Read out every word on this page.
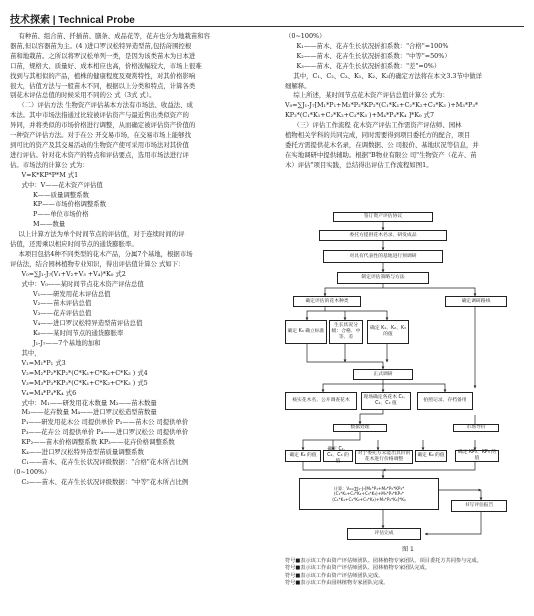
技术探索 | Technical Probe

有种苗、组合苗、扦插苗、膳条、成品花等，花卉也分为地栽苗和容

器苗,但以容器苗为主。(4 )进口罗汉松特异造型苗,包括莳围控根

苗和地栽苗。之所以将罗汉松单列一类，是因为该类苗木为日本进

口苗，规格大、质量好、成本相应也高，价格波幅较大，市场上很难

找到与其相似的产品，植株的健康程度及观赏特性，对其价格影响

很大，估值方法与一般苗木不同，根据以上分类和特点，计算各类

别花木评估总值的时候采用不同的公 式（3式 式）。

（二）评估方法 生物资产评估基本方法有市场法、收益法、成

本法。其中市场法指通过比较被评估资产与最近售出类似资产的

异同，并将类似的市场价格进行调整，从而确定被评估资产价值的

一种资产评估方法。对于在公 开交易市场，在交易市场上能够找

到可比的资产及其交易活动的生物资产使可采用市场法对其价值

进行评估。针对花木资产的特点和评估要点，选用市场法进行评

估。市场法的计算公 式为：

V=K*KP*P*M 式1

式中：V——花木资产评估值

K——质量调整系数

KP——市场价格调整系数

P——单位市场价格

M——数量

以上计算方法为单个时间节点的评估值，对于连续时间的评

估值，还需乘以相应时间节点的通货膨胀率。

本项目包括4种不同类型的花木产品，分属7个基地，根据市场

评估法，结合园林植物专业知识，得出评估值计算公 式如下：

V₀=∑J₁-J₇(V₁+V₂+V₃ +V₄)*K₀ 式2

式中：V₀——某时间节点花木资产评估总值

V₁——研发用花木评估总值

V₂——苗木评估总值

V₃——花卉评估总值

V₄——进口罗汉松特异造型苗评估总值

K₀——某时间节点的通货膨胀率

J₁-J₇——7个基地的加和

其中，

V₁=M₁*P₁ 式3

V₂=M₂*P₂*KP₂*(C*K₁+C*K₂+C*K₃ ) 式4

V₃=M₃*P₃*KP₃*(C*K₁+C*K₂+C*K₃ ) 式5

V₄=M₄*P₄*K₄ 式6

式中：M₁——研发用花木数量 M₂——苗木数量

M₃——花卉数量 M₄——进口罗汉松造型苗数量

P₁——研发用花木公 司提供单价 P₂——苗木公 司提供单价

P₃——花卉公 司提供单价 P₄——进口罗汉松公 司提供单价

KP₂——苗木价格调整系数 KP₃——花卉价格调整系数

K₄——进口罗汉松特异造型苗质量调整系数

C₁——苗木、花卉生长状况评级数据："合格"花木所占比例

（0~100%）

C₂——苗木、花卉生长状况评级数据："中等"花木所占比例

（0~100%）

K₁——苗木、花卉生长状况折扣系数："合格"=100%

K₂——苗木、花卉生长状况折扣系数："中等"=50%）

K₃——苗木、花卉生长状况折扣系数："差"=0%）

其中，C₁、C₂、C₃、K₁、K₂、K₃的确定方法将在本文3.3节中做详

细解释。

综上所述，某时间节点花木资产评估总值计算公 式为：

V₀=∑J₁-J₇[M₁*P₁+M₂*P₂*KP₂*(C₁*K₁+C₂*K₂+C₃*K₃ )+M₃*P₃*

KP₃*(C₁*K₁+C₂*K₂+C₃*K₃ )+M₄*P₄*K₄ ]*K₀ 式7

（三）评估工作流程 花木资产评估工作需资产评估师、园林

植物相关学科的共同完成，同时需要得到项目委托方的配合，项目

委托方需提供花木名录，在调数据、公 司报价、基地状况等信息，并

在实地调研中提供辅助。根据"B物业有限公 司"生物资产（花卉、苗

木）评估"项目实践，总结得出评估工作流程如图1。

签订资产评估协议
委托方提供花木名录、研发成品
对具有代表性的基地进行预调研
制定评估策略与方法
确定评估的花木种类	确定调研路线
确定 K₄ 确立标准
生长状况分级：合格、中等、差
确定 K₁、K₂、K₃ 的值
正式调研
核实花木名、公开调查花木
现场确定各花木 C₁、C₂、C₃ 值
拍照记录、存档备用
数据处理	市场导价
确定 K₄ 的值
确定 C₁、C₂、C₃ 的值
对于委托方未能出具价的花木进行价格调整
确定 K₀ 的值
确定 KP₂、KP₃ 的值
计算：V₀=∑J₁-J₇[M₁*P₁+M₂*P₂*KP₂*(C₁*K₁+C₂*K₂+C₃*K₃)+M₃*P₃*KP₃*(C₁*K₁+C₂*K₂+C₃*K₃)+M₄*P₄*K₄]*K₀
书写评估报告
评估完成
图 1

符号■表示该工作由资产评估师团队、园林植物专家团队、项目委托方共同参与完成。

符号■表示该工作由资产评估师团队、园林植物专家团队完成。

符号■表示该工作由资产评估师团队完成。

符号■表示该工作由园林植物专家团队完成。
